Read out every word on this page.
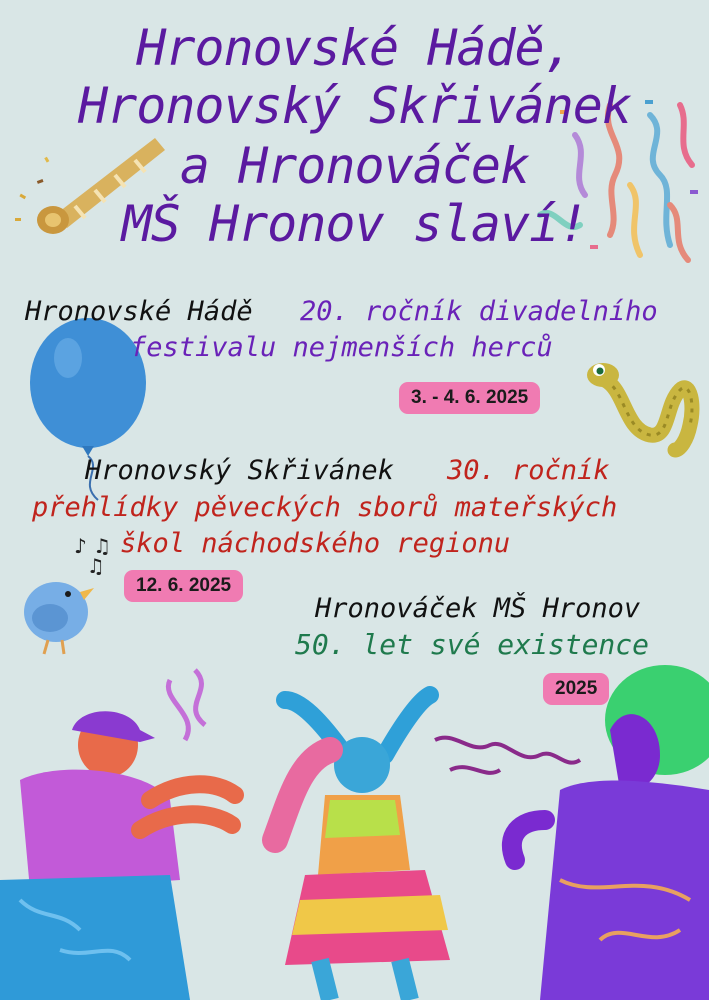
Hronovské Hádě,
Hronovský Skřivánek
a Hronováček
MŠ Hronov slaví!
♪ ♫
♫
Hronovské Hádě 20. ročník divadelního
festivalu nejmenších herců
3. - 4. 6. 2025
Hronovský Skřivánek 30. ročník
přehlídky pěveckých sborů mateřských
škol náchodského regionu
12. 6. 2025
Hronováček MŠ Hronov
50. let své existence
2025
